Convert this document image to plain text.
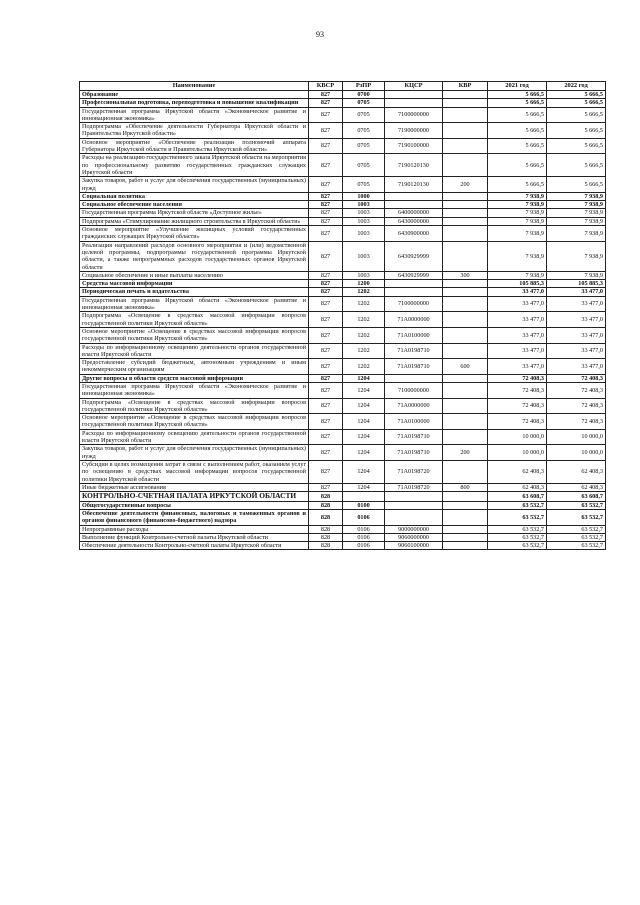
93
Наименование	КВСР	РзПР	КЦСР	КВР	2021 год	2022 год
Образование	827	0700			5 666,5	5 666,5
Профессиональная подготовка, переподготовка и повышение квалификации	827	0705			5 666,5	5 666,5
Государственная программа Иркутской области «Экономическое развитие и инновационная экономика»	827	0705	7100000000		5 666,5	5 666,5
Подпрограмма «Обеспечение деятельности Губернатора Иркутской области и Правительства Иркутской области»	827	0705	7190000000		5 666,5	5 666,5
Основное мероприятие «Обеспечение реализации полномочий аппарата Губернатора Иркутской области и Правительства Иркутской области»	827	0705	7190100000		5 666,5	5 666,5
Расходы на реализацию государственного заказа Иркутской области на мероприятия по профессиональному развитию государственных гражданских служащих Иркутской области	827	0705	7190120130		5 666,5	5 666,5
Закупка товаров, работ и услуг для обеспечения государственных (муниципальных) нужд	827	0705	7190120130	200	5 666,5	5 666,5
Социальная политика	827	1000			7 938,9	7 938,9
Социальное обеспечение населения	827	1003			7 938,9	7 938,9
Государственная программа Иркутской области «Доступное жилье»	827	1003	6400000000		7 938,9	7 938,9
Подпрограмма «Стимулирование жилищного строительства в Иркутской области»	827	1003	6430000000		7 938,9	7 938,9
Основное мероприятие «Улучшение жилищных условий государственных гражданских служащих Иркутской области»	827	1003	6430900000		7 938,9	7 938,9
Реализация направлений расходов основного мероприятия и (или) ведомственной целевой программы, подпрограммы государственной программы Иркутской области, а также непрограммных расходов государственных органов Иркутской области	827	1003	6430929999		7 938,9	7 938,9
Социальное обеспечение и иные выплаты населению	827	1003	6430929999	300	7 938,9	7 938,9
Средства массовой информации	827	1200			105 885,3	105 885,3
Периодическая печать и издательства	827	1202			33 477,0	33 477,0
Государственная программа Иркутской области «Экономическое развитие и инновационная экономика»	827	1202	7100000000		33 477,0	33 477,0
Подпрограмма «Освещение в средствах массовой информации вопросов государственной политики Иркутской области»	827	1202	71А0000000		33 477,0	33 477,0
Основное мероприятие «Освещение в средствах массовой информации вопросов государственной политики Иркутской области»	827	1202	71А0100000		33 477,0	33 477,0
Расходы по информационному освещению деятельности органов государственной власти Иркутской области	827	1202	71А0198710		33 477,0	33 477,0
Предоставление субсидий бюджетным, автономным учреждениям и иным некоммерческим организациям	827	1202	71А0198710	600	33 477,0	33 477,0
Другие вопросы в области средств массовой информации	827	1204			72 408,3	72 408,3
Государственная программа Иркутской области «Экономическое развитие и инновационная экономика»	827	1204	7100000000		72 408,3	72 408,3
Подпрограмма «Освещение в средствах массовой информации вопросов государственной политики Иркутской области»	827	1204	71А0000000		72 408,3	72 408,3
Основное мероприятие «Освещение в средствах массовой информации вопросов государственной политики Иркутской области»	827	1204	71А0100000		72 408,3	72 408,3
Расходы по информационному освещению деятельности органов государственной власти Иркутской области	827	1204	71А0198710		10 000,0	10 000,0
Закупка товаров, работ и услуг для обеспечения государственных (муниципальных) нужд	827	1204	71А0198710	200	10 000,0	10 000,0
Субсидии в целях возмещения затрат в связи с выполнением работ, оказанием услуг по освещению в средствах массовой информации вопросов государственной политики Иркутской области	827	1204	71А0198720		62 408,3	62 408,3
Иные бюджетные ассигнования	827	1204	71А0198720	800	62 408,3	62 408,3
КОНТРОЛЬНО-СЧЕТНАЯ ПАЛАТА ИРКУТСКОЙ ОБЛАСТИ	828				63 608,7	63 608,7
Общегосударственные вопросы	828	0100			63 532,7	63 532,7
Обеспечение деятельности финансовых, налоговых и таможенных органов и органов финансового (финансово-бюджетного) надзора	828	0106			63 532,7	63 532,7
Непрограммные расходы	828	0106	9000000000		63 532,7	63 532,7
Выполнение функций Контрольно-счетной палаты Иркутской области	828	0106	9060000000		63 532,7	63 532,7
Обеспечение деятельности Контрольно-счетной палаты Иркутской области	828	0106	9060100000		63 532,7	63 532,7
